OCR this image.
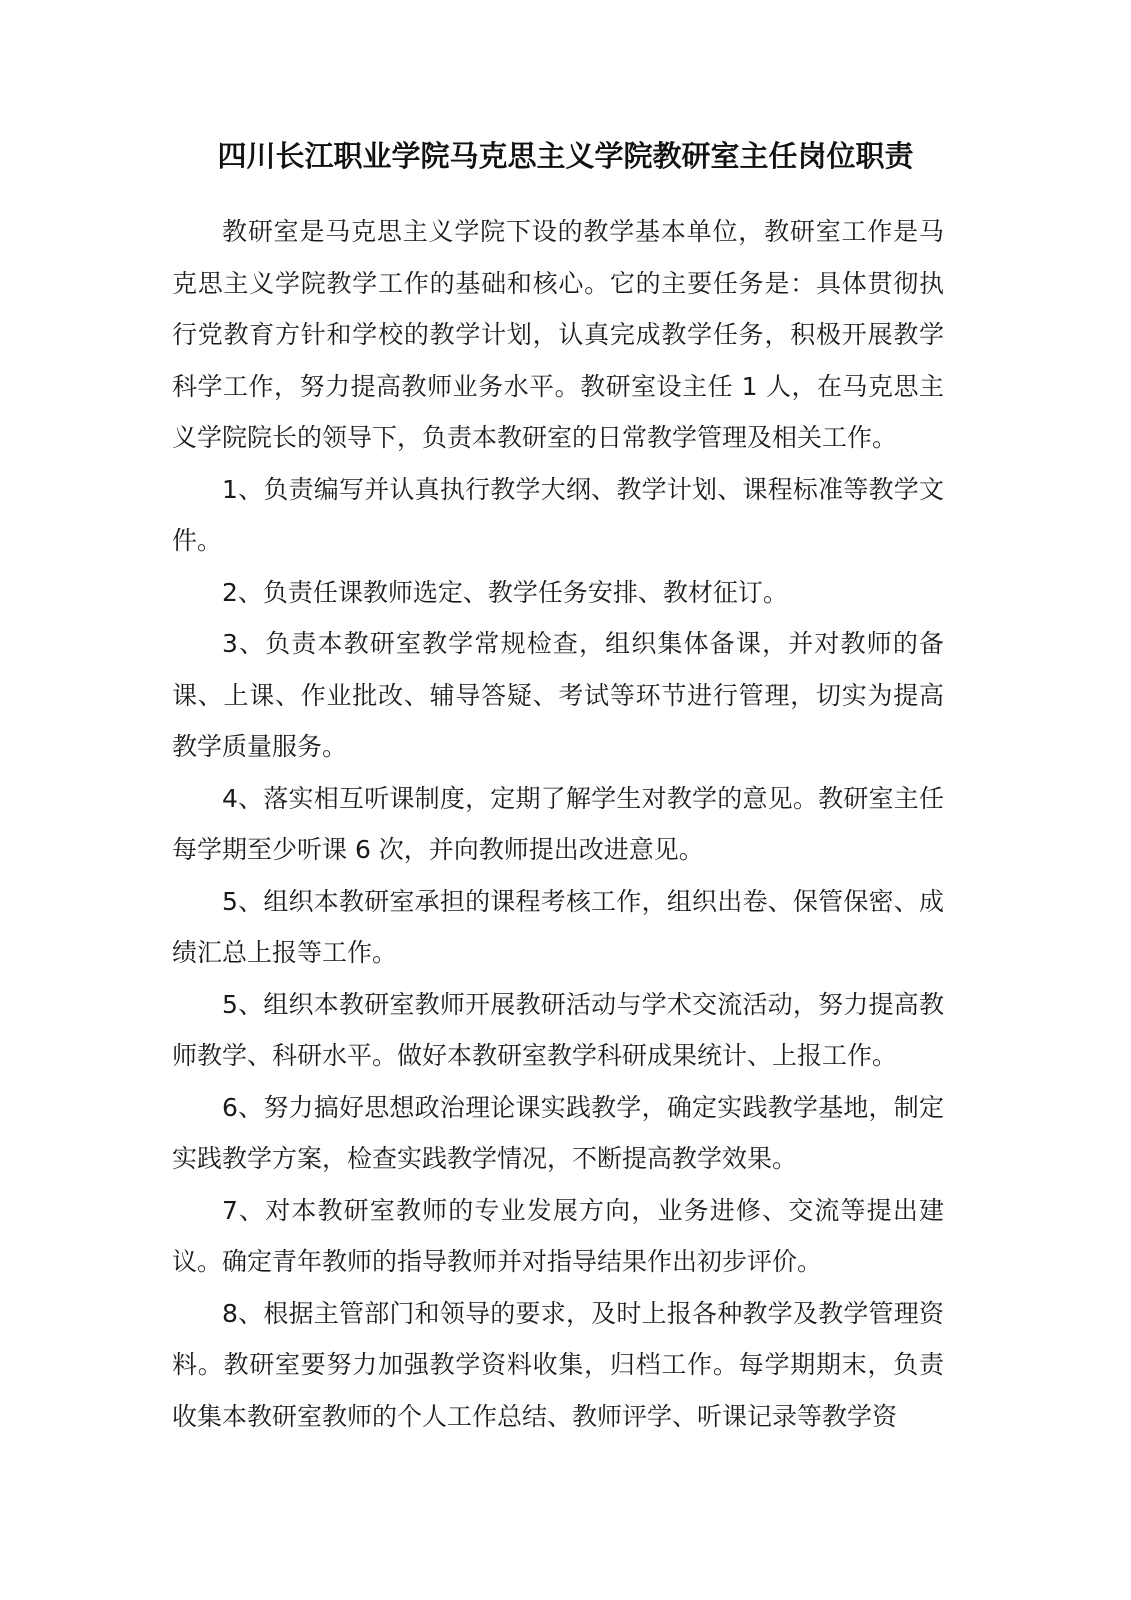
四川长江职业学院马克思主义学院教研室主任岗位职责

教研室是马克思主义学院下设的教学基本单位，教研室工作是马克思主义学院教学工作的基础和核心。它的主要任务是：具体贯彻执行党教育方针和学校的教学计划，认真完成教学任务，积极开展教学科学工作，努力提高教师业务水平。教研室设主任 1 人，在马克思主义学院院长的领导下，负责本教研室的日常教学管理及相关工作。

1、负责编写并认真执行教学大纲、教学计划、课程标准等教学文件。

2、负责任课教师选定、教学任务安排、教材征订。

3、负责本教研室教学常规检查，组织集体备课，并对教师的备课、上课、作业批改、辅导答疑、考试等环节进行管理，切实为提高教学质量服务。

4、落实相互听课制度，定期了解学生对教学的意见。教研室主任每学期至少听课 6 次，并向教师提出改进意见。

5、组织本教研室承担的课程考核工作，组织出卷、保管保密、成绩汇总上报等工作。

5、组织本教研室教师开展教研活动与学术交流活动，努力提高教师教学、科研水平。做好本教研室教学科研成果统计、上报工作。

6、努力搞好思想政治理论课实践教学，确定实践教学基地，制定实践教学方案，检查实践教学情况，不断提高教学效果。

7、对本教研室教师的专业发展方向，业务进修、交流等提出建议。确定青年教师的指导教师并对指导结果作出初步评价。

8、根据主管部门和领导的要求，及时上报各种教学及教学管理资料。教研室要努力加强教学资料收集，归档工作。每学期期末，负责收集本教研室教师的个人工作总结、教师评学、听课记录等教学资
